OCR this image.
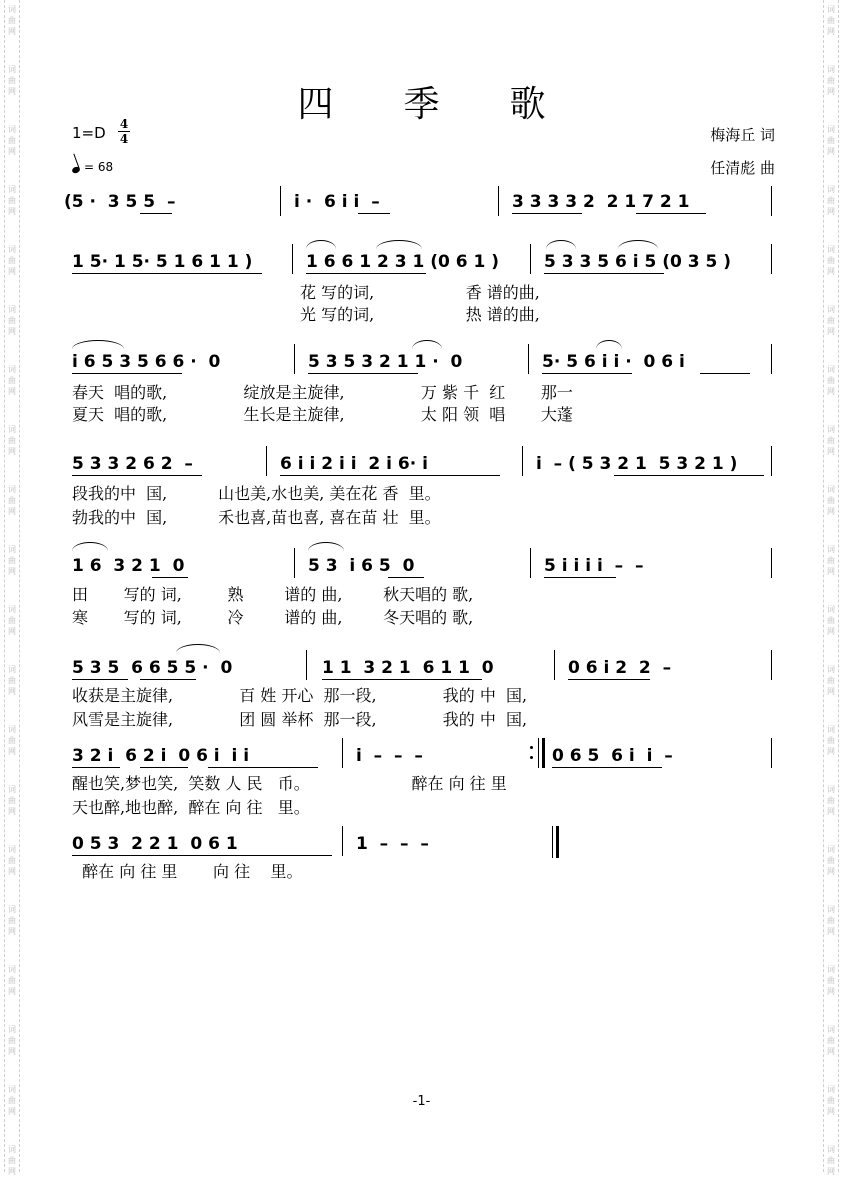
词
曲
网
词
曲
网
词
曲
网
词
曲
网
词
曲
网
词
曲
网
词
曲
网
词
曲
网
词
曲
网
词
曲
网
词
曲
网
词
曲
网
词
曲
网
词
曲
网
词
曲
网
词
曲
网
词
曲
网
词
曲
网
词
曲
网
词
曲
网
词
曲
网
词
曲
网
词
曲
网
词
曲
网
词
曲
网
词
曲
网
词
曲
网
词
曲
网
词
曲
网
词
曲
网
词
曲
网
词
曲
网
词
曲
网
词
曲
网
词
曲
网
词
曲
网
词
曲
网
词
曲
网
词
曲
网
词
曲
网
四季歌
1=D 4
4
= 68
梅海丘 词
任清彪 曲
(5 ·  3 5 5  –	i ·  6 i i  –	3 3 3 3 2  2 1 7 2 1
1 5· 1 5· 5 1 6 1 1 )	1 6 6 1 2 3 1 (0 6 1 )	5 3 3 5 6 i 5 (0 3 5 )
花 写的词,                  香 谱的曲,
光 写的词,                  热 谱的曲,
i 6 5 3 5 6 6 ·  0	5 3 5 3 2 1 1 ·  0	5· 5 6 i i ·  0 6 i
春天  唱的歌,               绽放是主旋律,               万 紫 千  红       那一
夏天  唱的歌,               生长是主旋律,               太 阳 领  唱       大蓬
5 3 3 2 6 2  –	6 i i 2 i i  2 i 6· i	i  – ( 5 3 2 1  5 3 2 1 )
段我的中  国,          山也美,水也美, 美在花 香  里。
勃我的中  国,          禾也喜,苗也喜, 喜在苗 壮  里。
1 6  3 2 1  0	5 3  i 6 5  0	5 i i i i  –  –
田       写的 词,         熟        谱的 曲,        秋天唱的 歌,
寒       写的 词,         冷        谱的 曲,        冬天唱的 歌,
5 3 5  6 6 5 5 ·  0	1 1  3 2 1  6 1 1  0	0 6 i 2  2  –
收获是主旋律,             百 姓 开心  那一段,             我的 中  国,
风雪是主旋律,             团 圆 举杯  那一段,             我的 中  国,
3 2 i  6 2 i  0 6 i  i i	i  –  –  –	0 6 5  6 i  i  –
醒也笑,梦也笑,  笑数 人 民   币。                    醉在 向 往 里
天也醉,地也醉,  醉在 向 往   里。
0 5 3  2 2 1  0 6 1	1  –  –  –
醉在 向 往 里       向 往    里。
-1-
